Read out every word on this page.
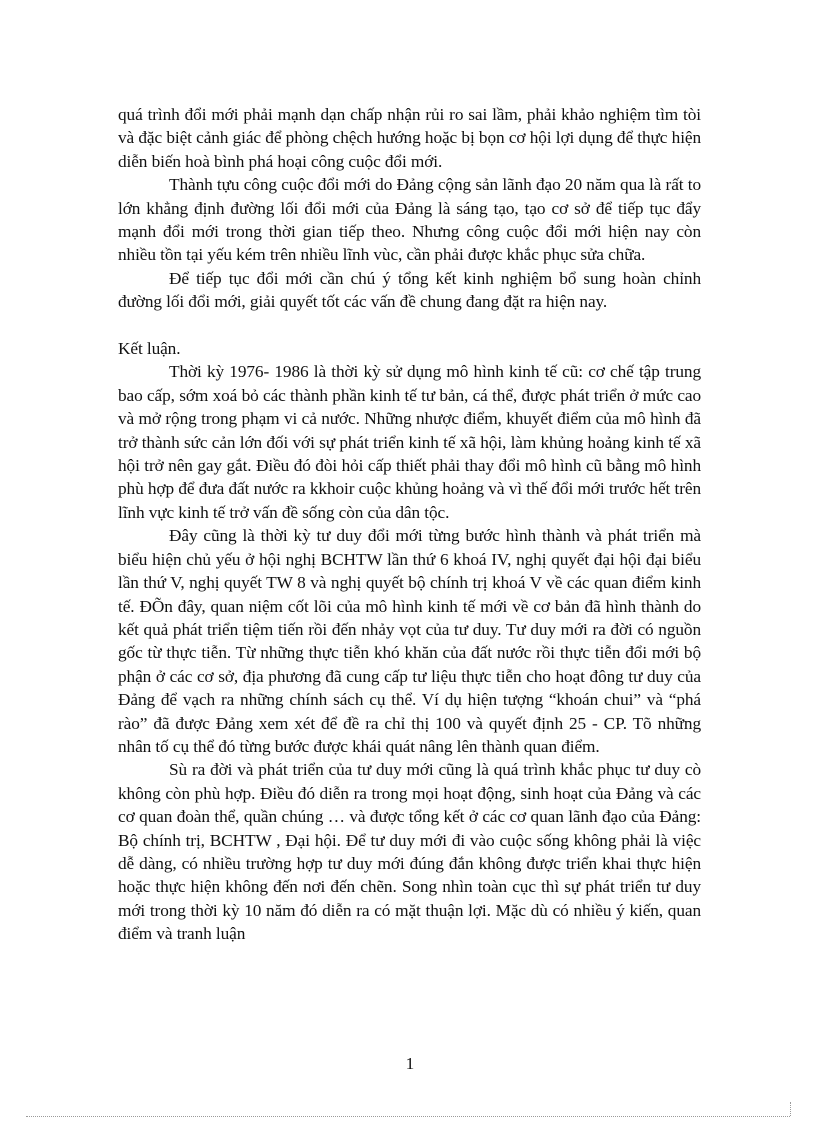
quá trình đổi mới phải mạnh dạn chấp nhận rủi ro sai lầm, phải khảo nghiệm tìm tòi và đặc biệt cảnh giác để phòng chệch hướng hoặc bị bọn cơ hội lợi dụng để thực hiện diễn biến hoà bình phá hoại công cuộc đổi mới.

Thành tựu công cuộc đổi mới do Đảng cộng sản lãnh đạo 20 năm qua là rất to lớn khẳng định đường lối đổi mới của Đảng là sáng tạo, tạo cơ sở để tiếp tục đẩy mạnh đổi mới trong thời gian tiếp theo. Nhưng công cuộc đổi mới hiện nay còn nhiều tồn tại yếu kém trên nhiều lĩnh vùc, cần phải được khắc phục sửa chữa.

Để tiếp tục đổi mới cần chú ý tổng kết kinh nghiệm bổ sung hoàn chỉnh đường lối đổi mới, giải quyết tốt các vấn đề chung đang đặt ra hiện nay.

Kết luận.

Thời kỳ 1976- 1986 là thời kỳ sử dụng mô hình kinh tế cũ: cơ chế tập trung bao cấp, sớm xoá bỏ các thành phần kinh tế tư bản, cá thể, được phát triển ở mức cao và mở rộng trong phạm vi cả nước. Những nhược điểm, khuyết điểm của mô hình đã trở thành sức cản lớn đối với sự phát triển kinh tế xã hội, làm khủng hoảng kinh tế xã hội trở nên gay gắt. Điều đó đòi hỏi cấp thiết phải thay đổi mô hình cũ bằng mô hình phù hợp để đưa đất nước ra kkhoir cuộc khủng hoảng và vì thế đổi mới trước hết trên lĩnh vực kinh tế trở vấn đề sống còn của dân tộc.

Đây cũng là thời kỳ tư duy đổi mới từng bước hình thành và phát triển mà biểu hiện chủ yếu ở hội nghị BCHTW lần thứ 6 khoá IV, nghị quyết đại hội đại biểu lần thứ V, nghị quyết TW 8 và nghị quyết bộ chính trị khoá V về các quan điểm kinh tế. ĐÕn đây, quan niệm cốt lõi của mô hình kinh tế mới về cơ bản đã hình thành do kết quả phát triển tiệm tiến rồi đến nhảy vọt của tư duy. Tư duy mới ra đời có nguồn gốc từ thực tiễn. Từ những thực tiễn khó khăn của đất nước rồi thực tiễn đổi mới bộ phận ở các cơ sở, địa phương đã cung cấp tư liệu thực tiễn cho hoạt đông tư duy của Đảng để vạch ra những chính sách cụ thể. Ví dụ hiện tượng “khoán chui” và “phá rào” đã được Đảng xem xét để đề ra chỉ thị 100 và quyết định 25 - CP. Tõ những nhân tố cụ thể đó từng bước được khái quát nâng lên thành quan điểm.

Sù ra đời và phát triển của tư duy mới cũng là quá trình khắc phục tư duy cò không còn phù hợp. Điều đó diễn ra trong mọi hoạt động, sinh hoạt của Đảng và các cơ quan đoàn thể, quần chúng … và được tổng kết ở các cơ quan lãnh đạo của Đảng: Bộ chính trị, BCHTW , Đại hội. Để tư duy mới đi vào cuộc sống không phải là việc dễ dàng, có nhiều trường hợp tư duy mới đúng đắn không được triển khai thực hiện hoặc thực hiện không đến nơi đến chẽn. Song nhìn toàn cục thì sự phát triển tư duy mới trong thời kỳ 10 năm đó diễn ra có mặt thuận lợi. Mặc dù có nhiều ý kiến, quan điểm và tranh luận

1
